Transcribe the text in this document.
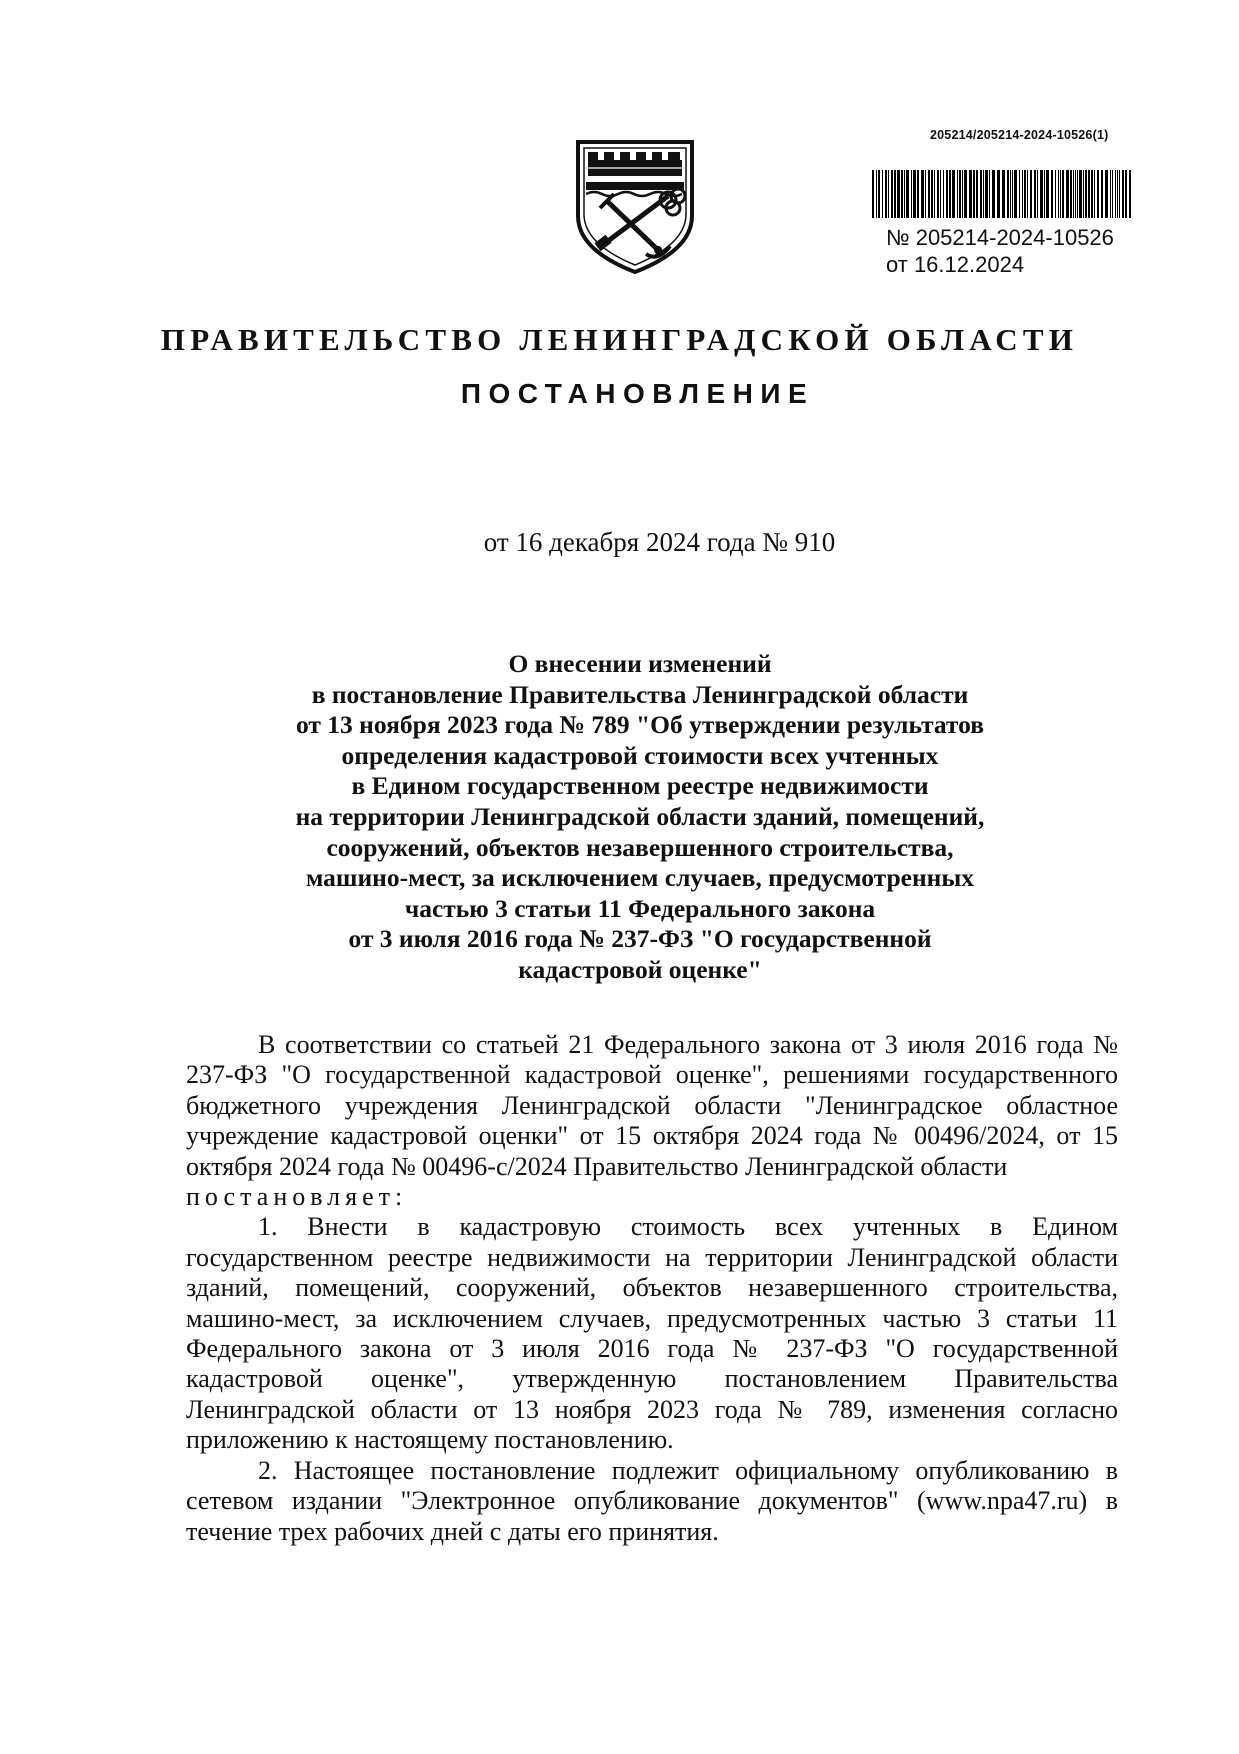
205214/205214-2024-10526(1)
№ 205214-2024-10526
от 16.12.2024
ПРАВИТЕЛЬСТВО ЛЕНИНГРАДСКОЙ ОБЛАСТИ
ПОСТАНОВЛЕНИЕ
от 16 декабря 2024 года № 910
О внесении изменений
в постановление Правительства Ленинградской области
от 13 ноября 2023 года № 789 "Об утверждении результатов
определения кадастровой стоимости всех учтенных
в Едином государственном реестре недвижимости
на территории Ленинградской области зданий, помещений,
сооружений, объектов незавершенного строительства,
машино-мест, за исключением случаев, предусмотренных
частью 3 статьи 11 Федерального закона
от 3 июля 2016 года № 237-ФЗ "О государственной
кадастровой оценке"

В соответствии со статьей 21 Федерального закона от 3 июля 2016 года № 237-ФЗ "О государственной кадастровой оценке", решениями государственного бюджетного учреждения Ленинградской области "Ленинградское областное учреждение кадастровой оценки" от 15 октября 2024 года № 00496/2024, от 15 октября 2024 года № 00496-с/2024 Правительство Ленинградской области

постановляет:

1. Внести в кадастровую стоимость всех учтенных в Едином государственном реестре недвижимости на территории Ленинградской области зданий, помещений, сооружений, объектов незавершенного строительства, машино-мест, за исключением случаев, предусмотренных частью 3 статьи 11 Федерального закона от 3 июля 2016 года № 237-ФЗ "О государственной кадастровой оценке", утвержденную постановлением Правительства Ленинградской области от 13 ноября 2023 года № 789, изменения согласно приложению к настоящему постановлению.

2. Настоящее постановление подлежит официальному опубликованию в сетевом издании "Электронное опубликование документов" (www.npa47.ru) в течение трех рабочих дней с даты его принятия.
